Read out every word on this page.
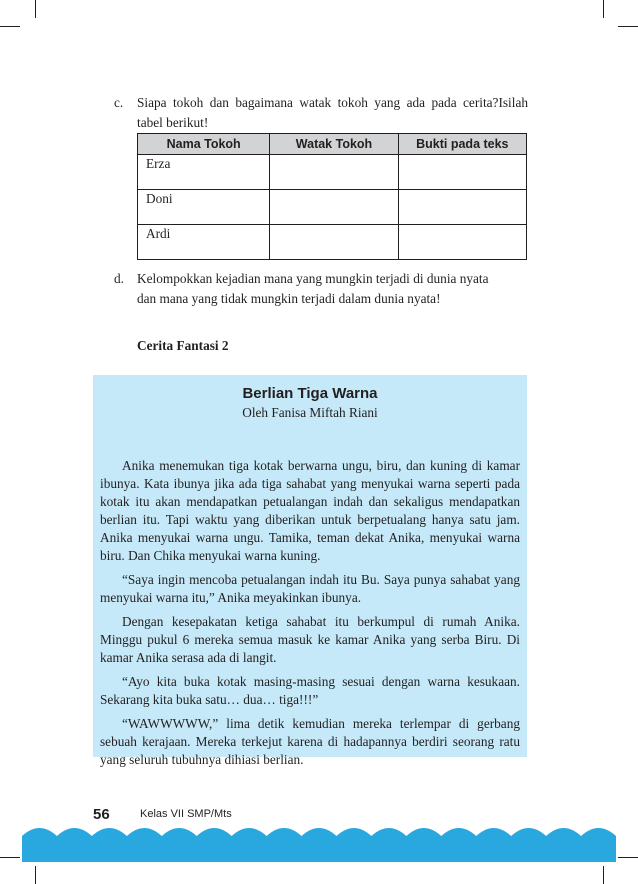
c. Siapa tokoh dan bagaimana watak tokoh yang ada pada cerita?Isilah tabel berikut!
Nama Tokoh	Watak Tokoh	Bukti pada teks
Erza		
Doni		
Ardi		
d. Kelompokkan kejadian mana yang mungkin terjadi di dunia nyata dan mana yang tidak mungkin terjadi dalam dunia nyata!
Cerita Fantasi 2
Berlian Tiga Warna
Oleh Fanisa Miftah Riani

Anika menemukan tiga kotak berwarna ungu, biru, dan kuning di kamar ibunya. Kata ibunya jika ada tiga sahabat yang menyukai warna seperti pada kotak itu akan mendapatkan petualangan indah dan sekaligus mendapatkan berlian itu. Tapi waktu yang diberikan untuk berpetualang hanya satu jam. Anika menyukai warna ungu. Tamika, teman dekat Anika, menyukai warna biru. Dan Chika menyukai warna kuning.

“Saya ingin mencoba petualangan indah itu Bu. Saya punya sahabat yang menyukai warna itu,” Anika meyakinkan ibunya.

Dengan kesepakatan ketiga sahabat itu berkumpul di rumah Anika. Minggu pukul 6 mereka semua masuk ke kamar Anika yang serba Biru. Di kamar Anika serasa ada di langit.

“Ayo kita buka kotak masing-masing sesuai dengan warna kesukaan. Sekarang kita buka satu… dua… tiga!!!”

“WAWWWWW,” lima detik kemudian mereka terlempar di gerbang sebuah kerajaan. Mereka terkejut karena di hadapannya berdiri seorang ratu yang seluruh tubuhnya dihiasi berlian.

56	Kelas VII SMP/Mts
